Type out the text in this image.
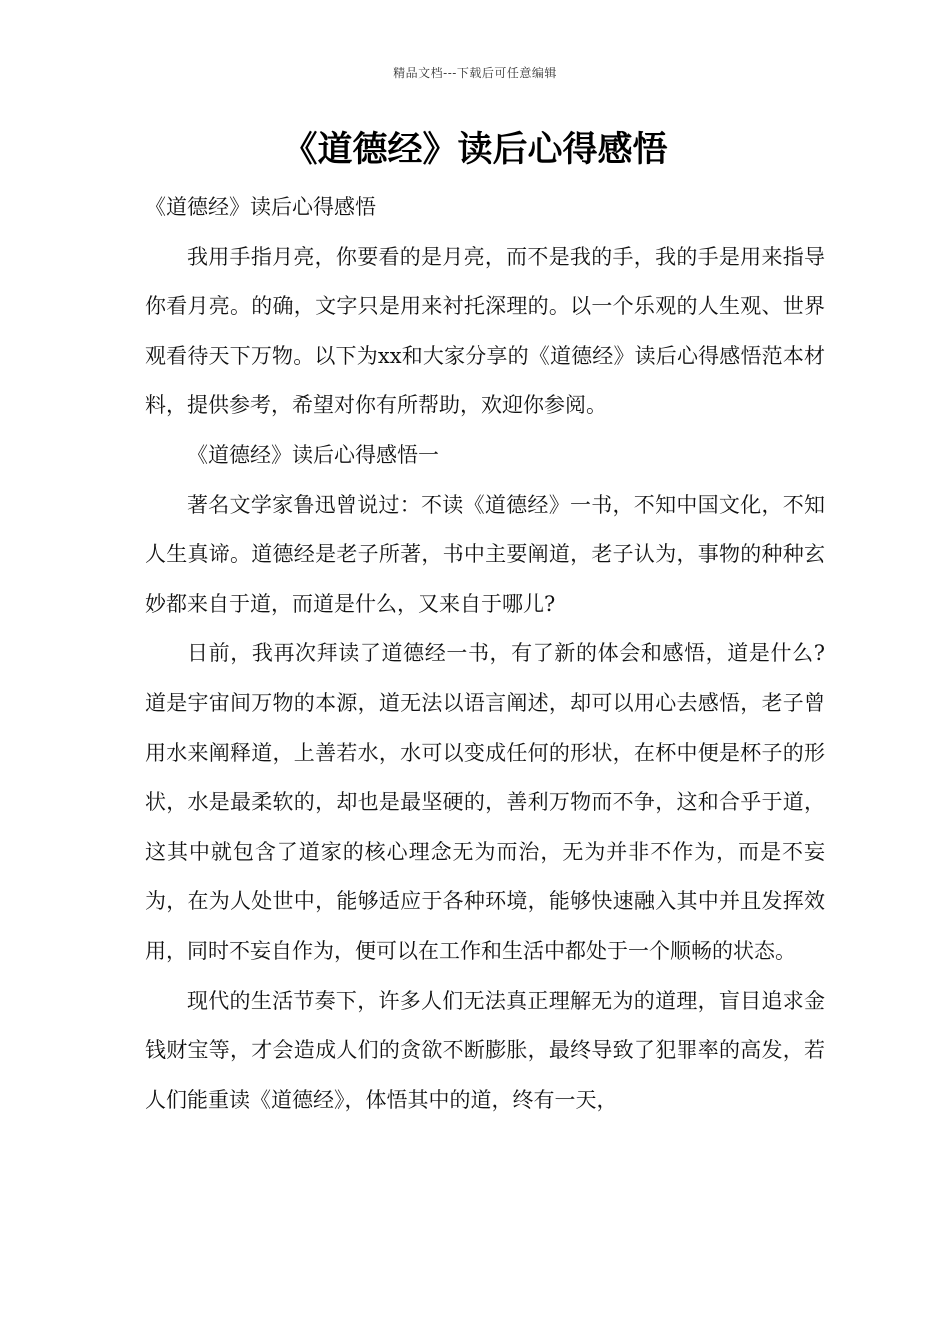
精品文档---下载后可任意编辑
《道德经》读后心得感悟

《道德经》读后心得感悟

我用手指月亮，你要看的是月亮，而不是我的手，我的手是用来指导你看月亮。的确，文字只是用来衬托深理的。以一个乐观的人生观、世界观看待天下万物。以下为xx和大家分享的《道德经》读后心得感悟范本材料，提供参考，希望对你有所帮助，欢迎你参阅。

《道德经》读后心得感悟一

著名文学家鲁迅曾说过：不读《道德经》一书，不知中国文化，不知人生真谛。道德经是老子所著，书中主要阐道，老子认为，事物的种种玄妙都来自于道，而道是什么，又来自于哪儿?

日前，我再次拜读了道德经一书，有了新的体会和感悟，道是什么?道是宇宙间万物的本源，道无法以语言阐述，却可以用心去感悟，老子曾用水来阐释道，上善若水，水可以变成任何的形状，在杯中便是杯子的形状，水是最柔软的，却也是最坚硬的，善利万物而不争，这和合乎于道，这其中就包含了道家的核心理念无为而治，无为并非不作为，而是不妄为，在为人处世中，能够适应于各种环境，能够快速融入其中并且发挥效用，同时不妄自作为，便可以在工作和生活中都处于一个顺畅的状态。

现代的生活节奏下，许多人们无法真正理解无为的道理，盲目追求金钱财宝等，才会造成人们的贪欲不断膨胀，最终导致了犯罪率的高发，若人们能重读《道德经》，体悟其中的道，终有一天，
